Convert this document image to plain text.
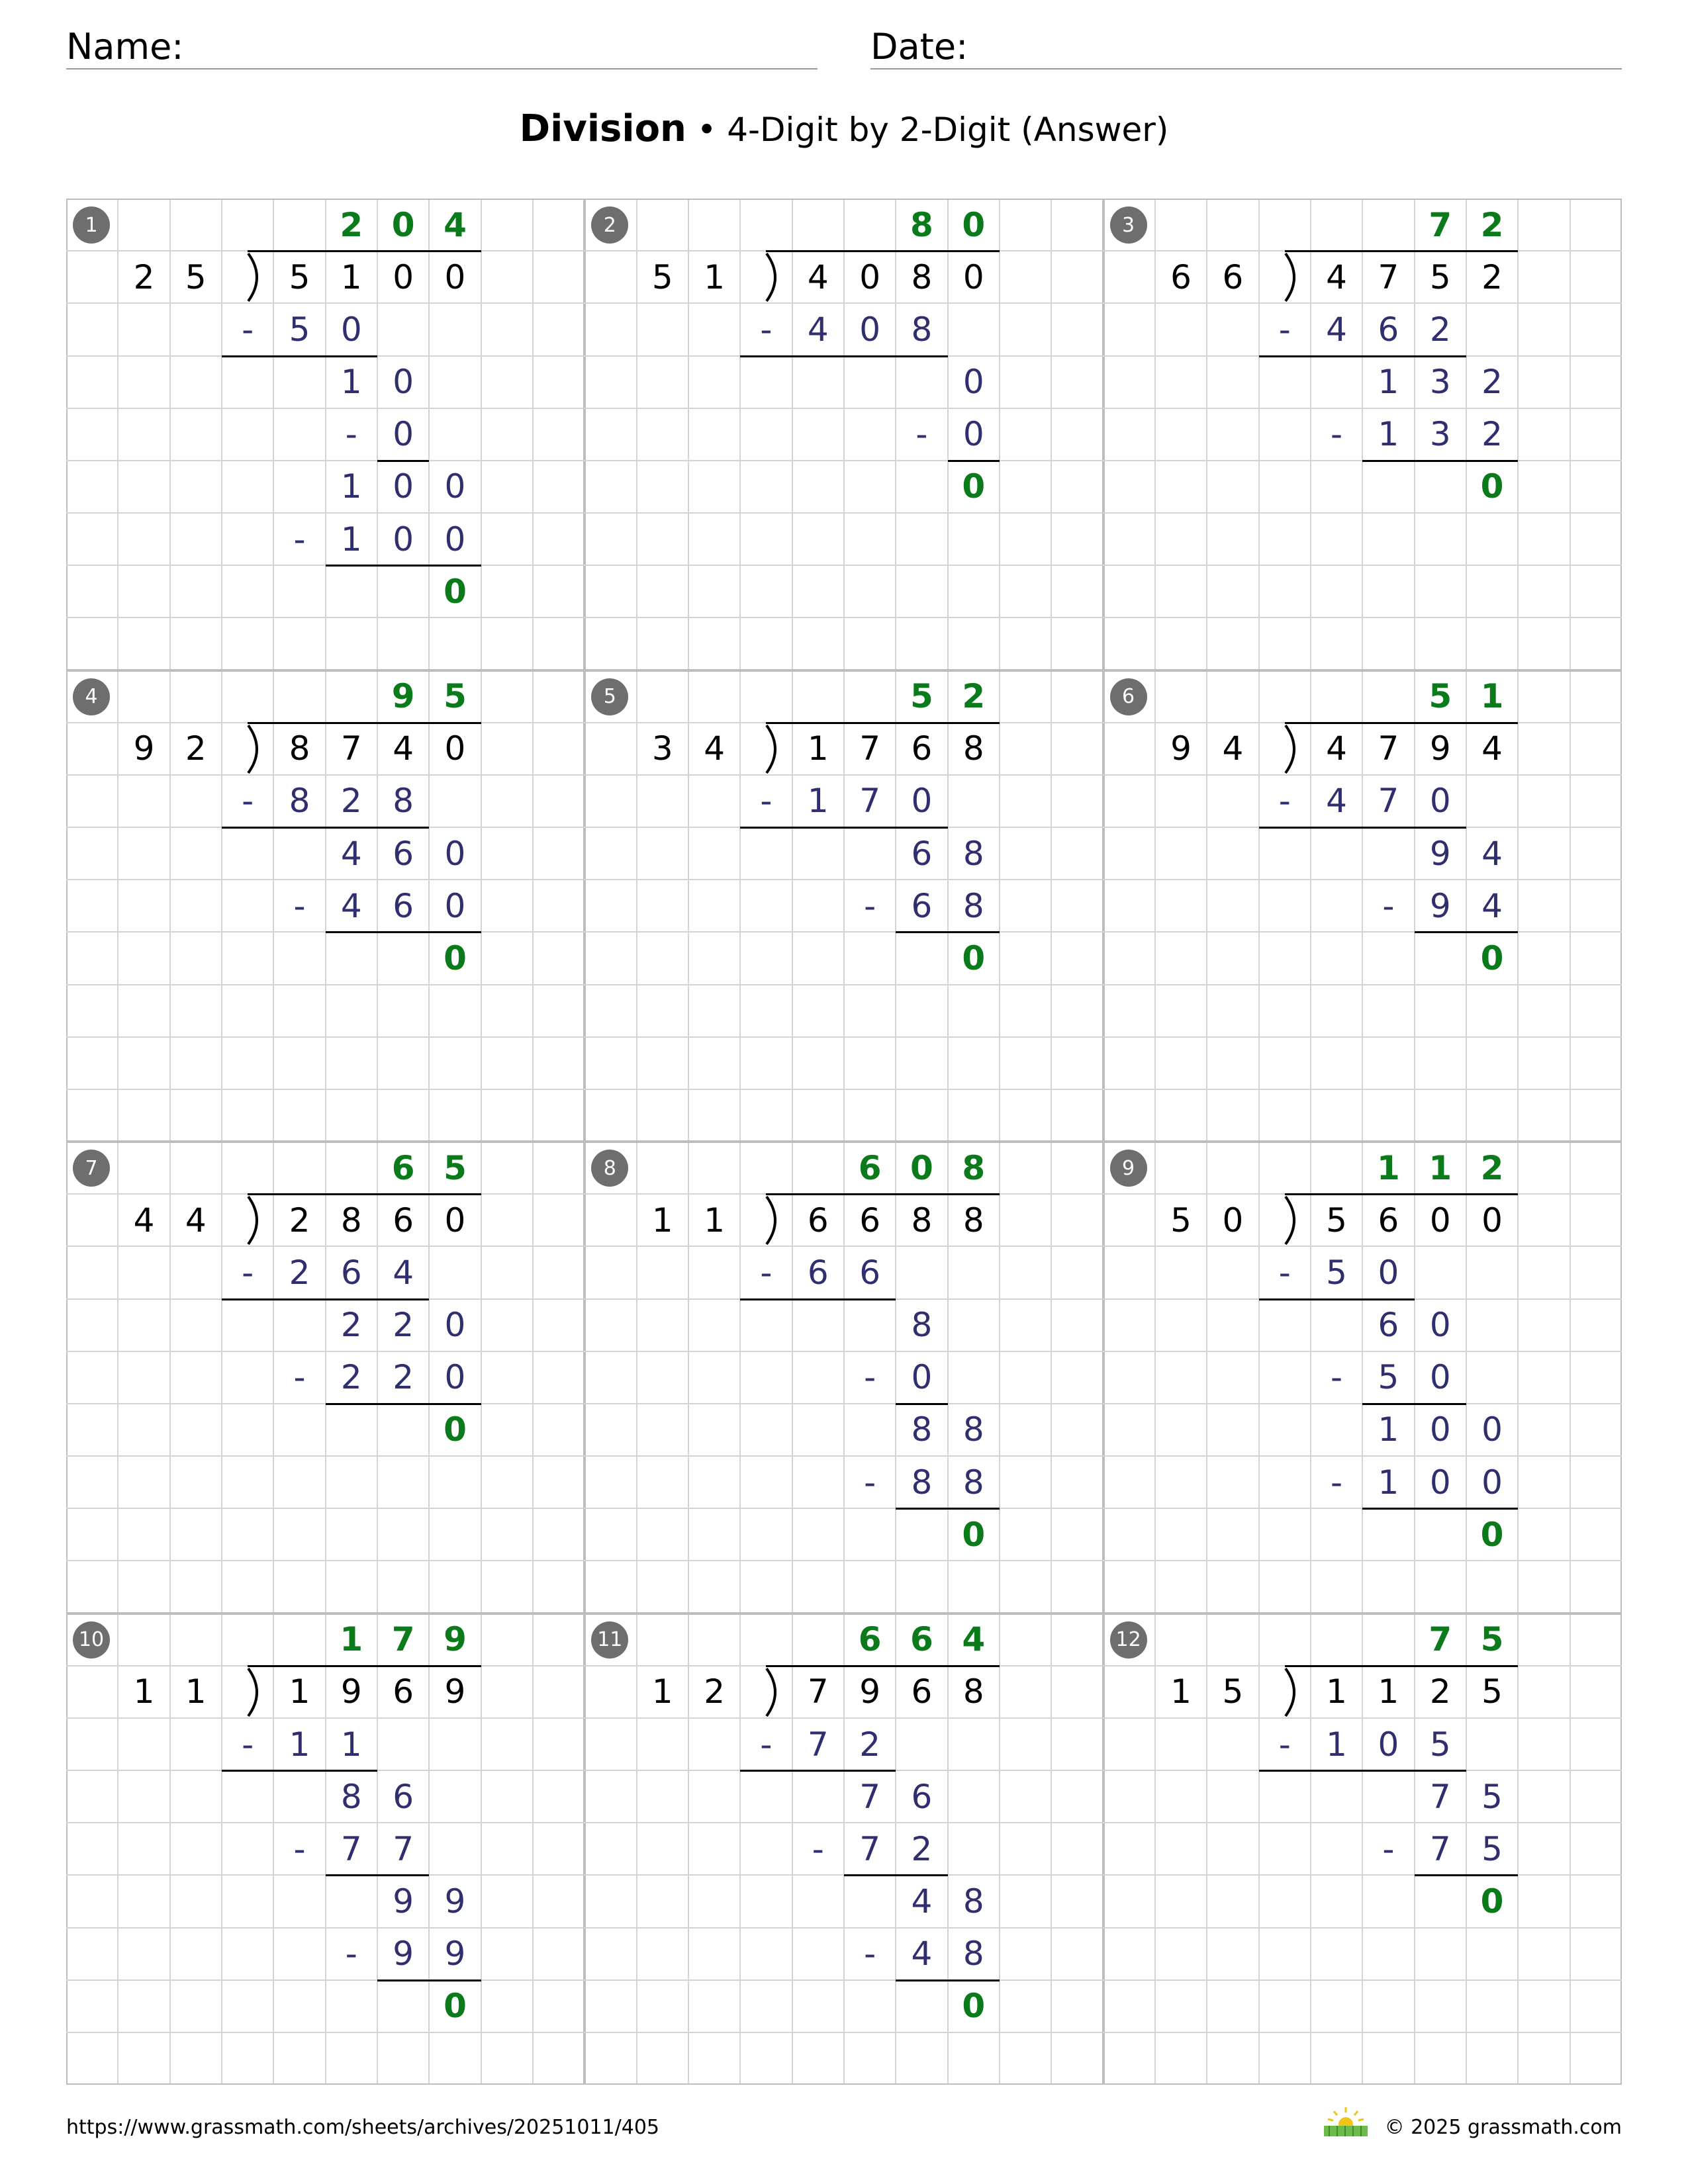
Name:	Date:
Division • 4-Digit by 2-Digit (Answer)
1
2 5	5 1 0 0
2 0 4
-	5 0
1 0
-	0
1 0 0
-	1 0 0
0
2
5 1	4 0 8 0
8 0
-	4 0 8
0
-	0
0
3
6 6	4 7 5 2
7 2
-	4 6 2
1 3 2
-	1 3 2
0
4
9 2	8 7 4 0
9 5
-	8 2 8
4 6 0
-	4 6 0
0
5
3 4	1 7 6 8
5 2
-	1 7 0
6 8
-	6 8
0
6
9 4	4 7 9 4
5 1
-	4 7 0
9 4
-	9 4
0
7
4 4	2 8 6 0
6 5
-	2 6 4
2 2 0
-	2 2 0
0
8
1 1	6 6 8 8
6 0 8
-	6 6
8
-	0
8 8
-	8 8
0
9
5 0	5 6 0 0
1 1 2
-	5 0
6 0
-	5 0
1 0 0
-	1 0 0
0
10
1 1	1 9 6 9
1 7 9
-	1 1
8 6
-	7 7
9 9
-	9 9
0
11
1 2	7 9 6 8
6 6 4
-	7 2
7 6
-	7 2
4 8
-	4 8
0
12
1 5	1 1 2 5
7 5
-	1 0 5
7 5
-	7 5
0
https://www.grassmath.com/sheets/archives/20251011/405	© 2025 grassmath.com
